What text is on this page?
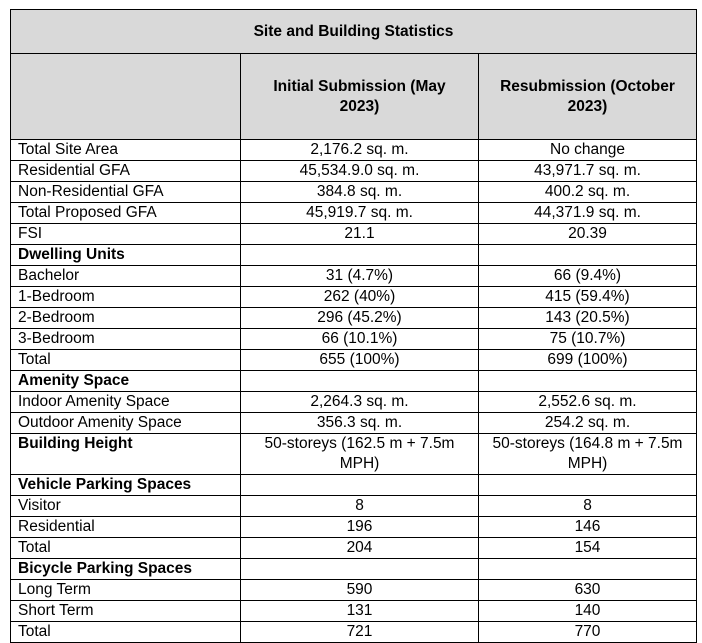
Site and Building Statistics		
	Initial Submission (May 2023)	Resubmission (October 2023)
Total Site Area	2,176.2 sq. m.	No change
Residential GFA	45,534.9.0 sq. m.	43,971.7 sq. m.
Non-Residential GFA	384.8 sq. m.	400.2 sq. m.
Total Proposed GFA	45,919.7 sq. m.	44,371.9 sq. m.
FSI	21.1	20.39
Dwelling Units		
Bachelor	31 (4.7%)	66 (9.4%)
1-Bedroom	262 (40%)	415 (59.4%)
2-Bedroom	296 (45.2%)	143 (20.5%)
3-Bedroom	66 (10.1%)	75 (10.7%)
Total	655 (100%)	699 (100%)
Amenity Space		
Indoor Amenity Space	2,264.3 sq. m.	2,552.6 sq. m.
Outdoor Amenity Space	356.3 sq. m.	254.2 sq. m.
Building Height	50-storeys (162.5 m + 7.5m MPH)	50-storeys (164.8 m + 7.5m MPH)
Vehicle Parking Spaces		
Visitor	8	8
Residential	196	146
Total	204	154
Bicycle Parking Spaces		
Long Term	590	630
Short Term	131	140
Total	721	770
